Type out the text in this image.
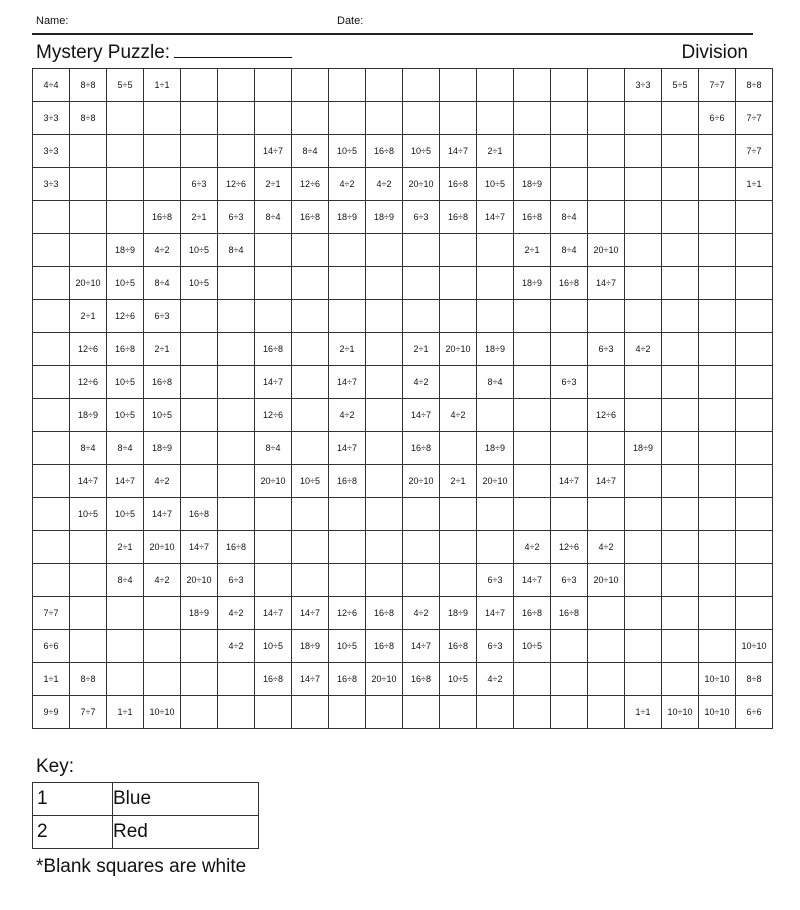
Name:	Date:
Mystery Puzzle:	Division
4÷4	8÷8	5÷5	1÷1													3÷3	5÷5	7÷7	8÷8
3÷3	8÷8																	6÷6	7÷7
3÷3						14÷7	8÷4	10÷5	16÷8	10÷5	14÷7	2÷1							7÷7
3÷3				6÷3	12÷6	2÷1	12÷6	4÷2	4÷2	20÷10	16÷8	10÷5	18÷9						1÷1
			16÷8	2÷1	6÷3	8÷4	16÷8	18÷9	18÷9	6÷3	16÷8	14÷7	16÷8	8÷4					
		18÷9	4÷2	10÷5	8÷4								2÷1	8÷4	20÷10				
	20÷10	10÷5	8÷4	10÷5									18÷9	16÷8	14÷7				
	2÷1	12÷6	6÷3																
	12÷6	16÷8	2÷1			16÷8		2÷1		2÷1	20÷10	18÷9			6÷3	4÷2			
	12÷6	10÷5	16÷8			14÷7		14÷7		4÷2		8÷4		6÷3					
	18÷9	10÷5	10÷5			12÷6		4÷2		14÷7	4÷2				12÷6				
	8÷4	8÷4	18÷9			8÷4		14÷7		16÷8		18÷9				18÷9			
	14÷7	14÷7	4÷2			20÷10	10÷5	16÷8		20÷10	2÷1	20÷10		14÷7	14÷7				
	10÷5	10÷5	14÷7	16÷8															
		2÷1	20÷10	14÷7	16÷8								4÷2	12÷6	4÷2				
		8÷4	4÷2	20÷10	6÷3							6÷3	14÷7	6÷3	20÷10				
7÷7				18÷9	4÷2	14÷7	14÷7	12÷6	16÷8	4÷2	18÷9	14÷7	16÷8	16÷8					
6÷6					4÷2	10÷5	18÷9	10÷5	16÷8	14÷7	16÷8	6÷3	10÷5						10÷10
1÷1	8÷8					16÷8	14÷7	16÷8	20÷10	16÷8	10÷5	4÷2						10÷10	8÷8
9÷9	7÷7	1÷1	10÷10													1÷1	10÷10	10÷10	6÷6
Key:
1	Blue
2	Red
*Blank squares are white
